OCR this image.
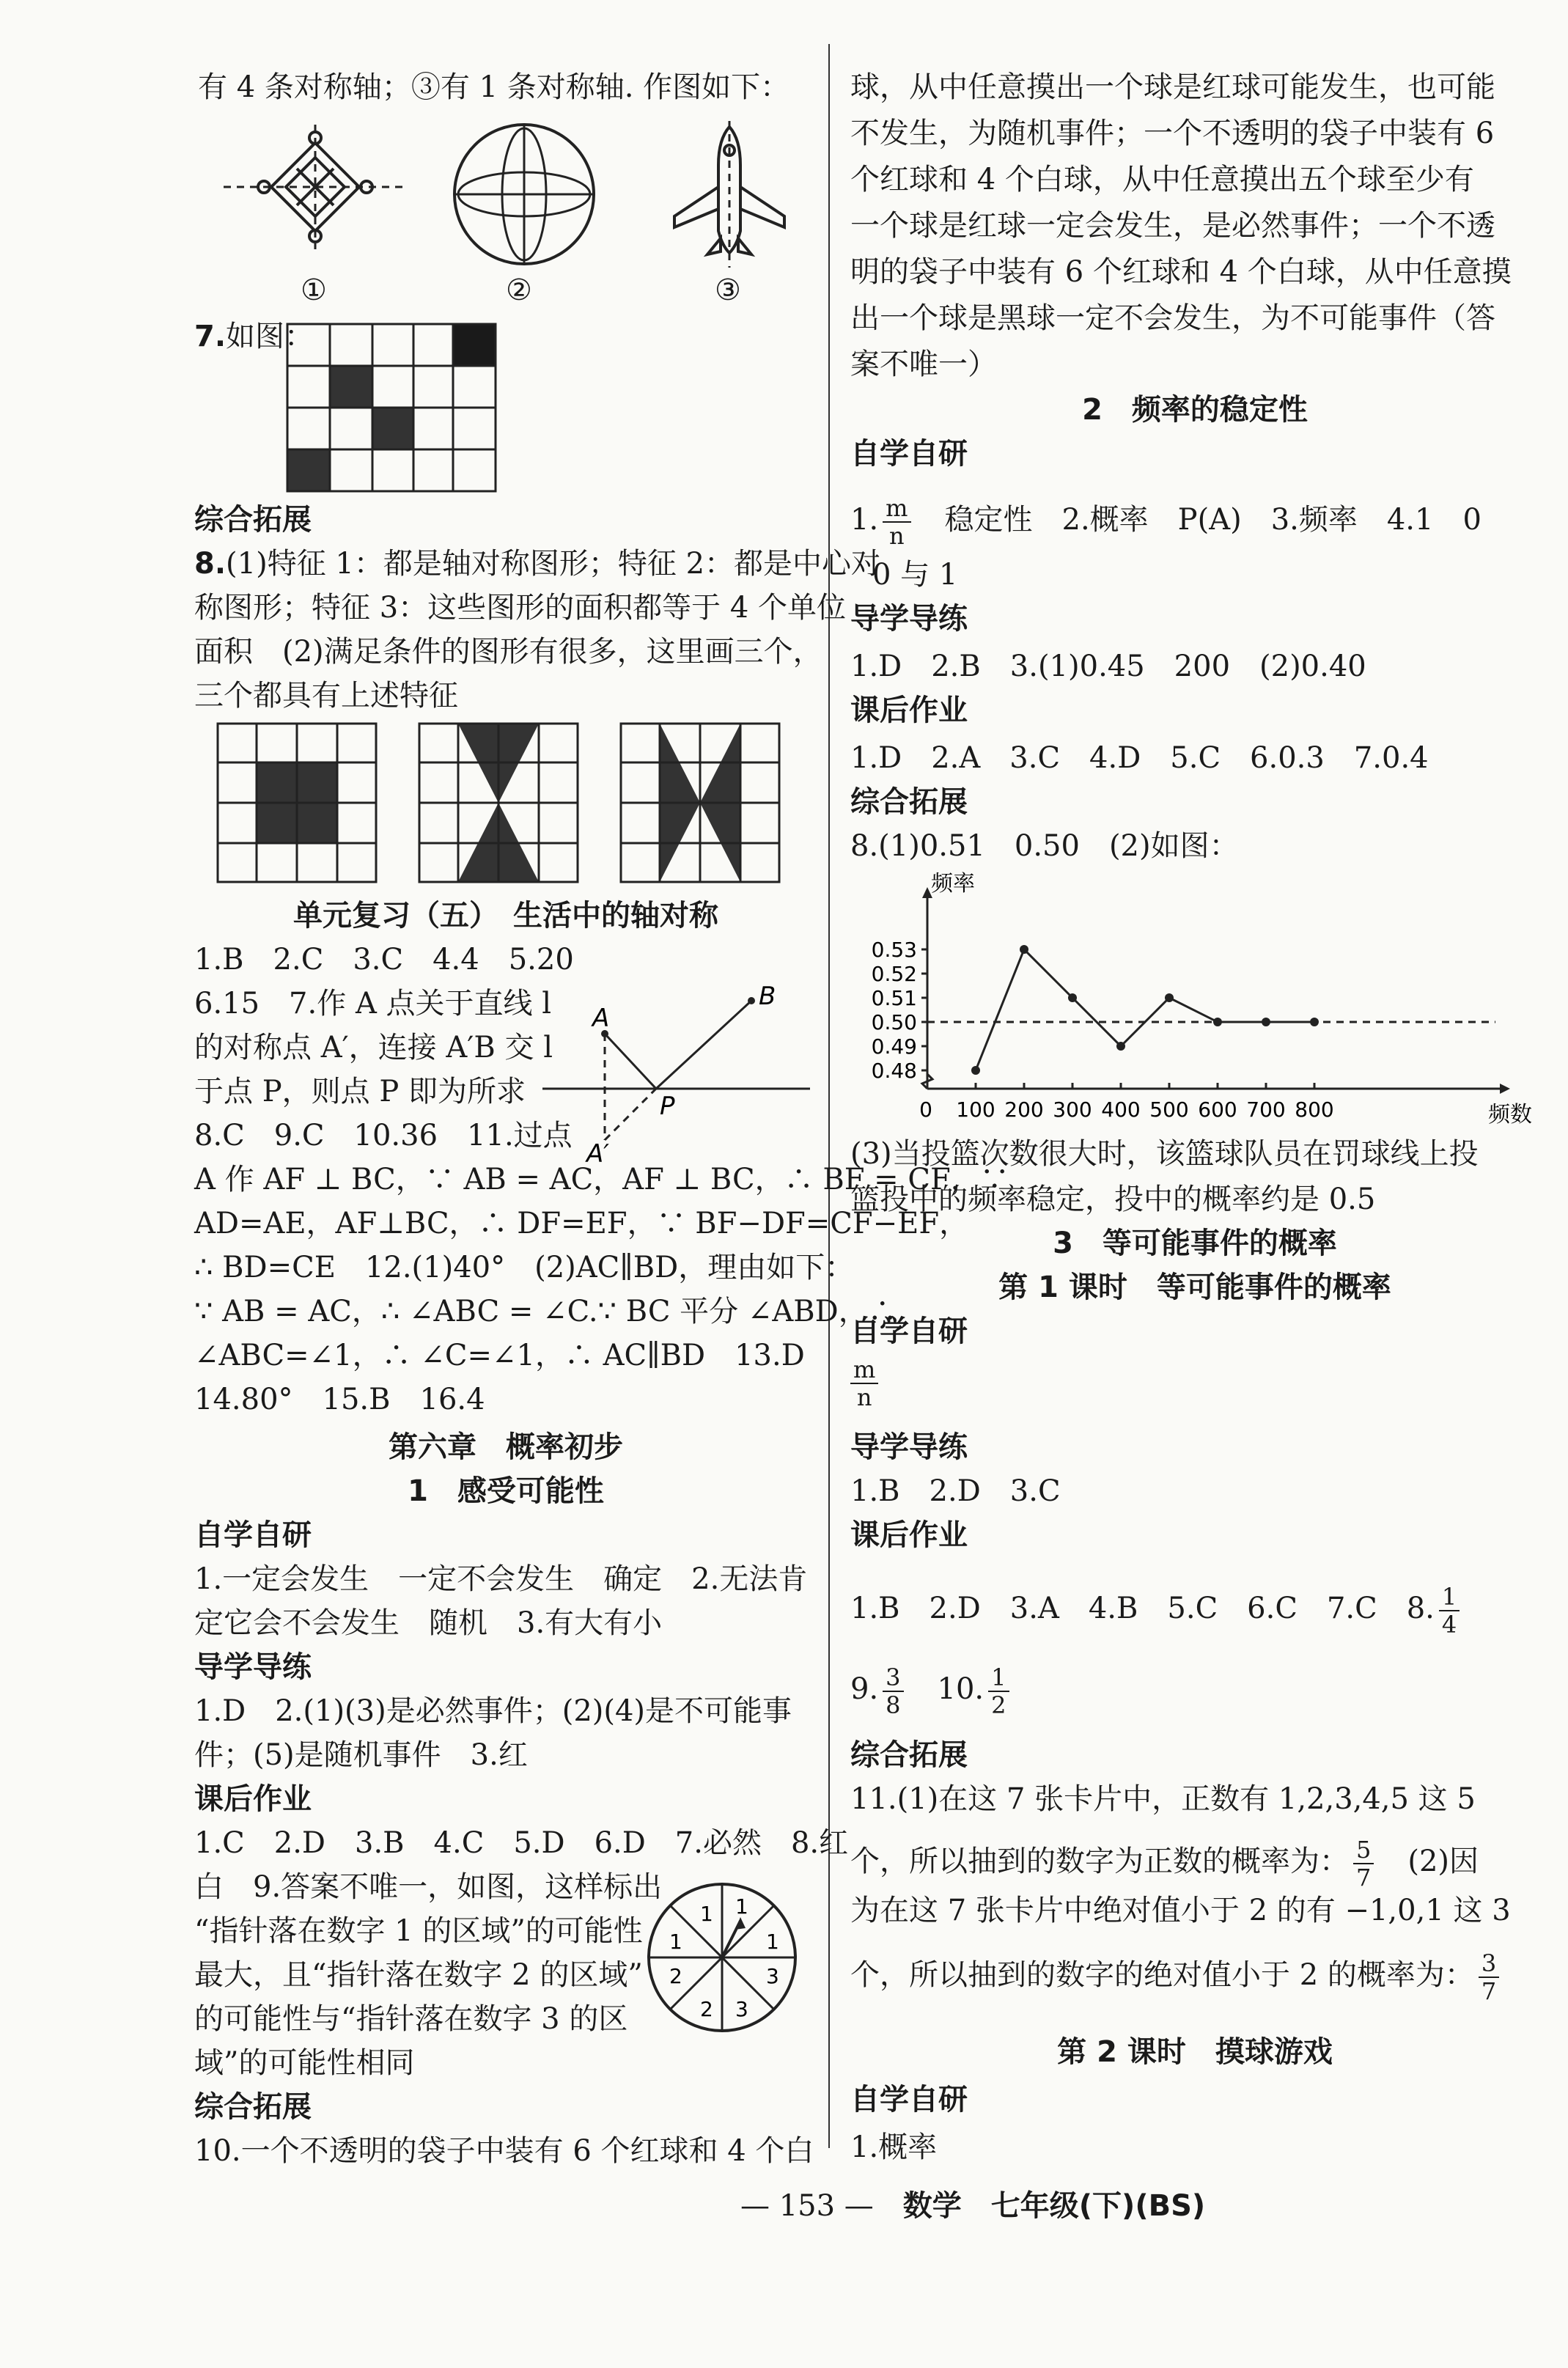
有 4 条对称轴；③有 1 条对称轴. 作图如下：
①	②	③
7.如图：
综合拓展
8.(1)特征 1：都是轴对称图形；特征 2：都是中心对
称图形；特征 3：这些图形的面积都等于 4 个单位
面积　(2)满足条件的图形有很多，这里画三个，
三个都具有上述特征
单元复习（五）　生活中的轴对称
1.B　2.C　3.C　4.4　5.20
6.15　7.作 A 点关于直线 l
的对称点 A′，连接 A′B 交 l
于点 P，则点 P 即为所求
8.C　9.C　10.36　11.过点
B
A
P
A′
A 作 AF ⊥ BC，∵ AB = AC，AF ⊥ BC，∴ BF = CF，∵
AD=AE，AF⊥BC，∴ DF=EF，∵ BF−DF=CF−EF，
∴ BD=CE　12.(1)40°　(2)AC∥BD，理由如下：
∵ AB = AC，∴ ∠ABC = ∠C.∵ BC 平分 ∠ABD，∴
∠ABC=∠1，∴ ∠C=∠1，∴ AC∥BD　13.D
14.80°　15.B　16.4
第六章　概率初步
1　感受可能性
自学自研
1.一定会发生　一定不会发生　确定　2.无法肯
定它会不会发生　随机　3.有大有小
导学导练
1.D　2.(1)(3)是必然事件；(2)(4)是不可能事
件；(5)是随机事件　3.红
课后作业
1.C　2.D　3.B　4.C　5.D　6.D　7.必然　8.红
白　9.答案不唯一，如图，这样标出
“指针落在数字 1 的区域”的可能性
最大，且“指针落在数字 2 的区域”
的可能性与“指针落在数字 3 的区
域”的可能性相同
1 1
1	1
2
2 3
3
综合拓展
10.一个不透明的袋子中装有 6 个红球和 4 个白
球，从中任意摸出一个球是红球可能发生，也可能
不发生，为随机事件；一个不透明的袋子中装有 6
个红球和 4 个白球，从中任意摸出五个球至少有
一个球是红球一定会发生，是必然事件；一个不透
明的袋子中装有 6 个红球和 4 个白球，从中任意摸
出一个球是黑球一定不会发生，为不可能事件（答
案不唯一）
2　频率的稳定性
自学自研
1. $\frac{m}{n}$ 　稳定性　2.概率　P(A)　3.频率　4.1　0
0 与 1
导学导练
1.D　2.B　3.(1)0.45　200　(2)0.40
课后作业
1.D　2.A　3.C　4.D　5.C　6.0.3　7.0.4
综合拓展
8.(1)0.51　0.50　(2)如图：
频率
频数
0.48
0.49
0.50
0.51
0.52
0.53
0 100 200 300 400 500 600 700 800
(3)当投篮次数很大时，该篮球队员在罚球线上投
篮投中的频率稳定，投中的概率约是 0.5
3　等可能事件的概率
第 1 课时　等可能事件的概率
自学自研
$\frac{m}{n}$
导学导练
1.B　2.D　3.C
课后作业
1.B　2.D　3.A　4.B　5.C　6.C　7.C　8. $\frac{1}{4}$
9. $\frac{3}{8}$
　 10. $\frac{1}{2}$
综合拓展
11.(1)在这 7 张卡片中，正数有 1,2,3,4,5 这 5
个，所以抽到的数字为正数的概率为： $\frac{5}{7}$ 　(2)因
为在这 7 张卡片中绝对值小于 2 的有 −1,0,1 这 3
个，所以抽到的数字的绝对值小于 2 的概率为： $\frac{3}{7}$
第 2 课时　摸球游戏
自学自研
1.概率
— 153 —　 数学　七年级(下)(BS)
